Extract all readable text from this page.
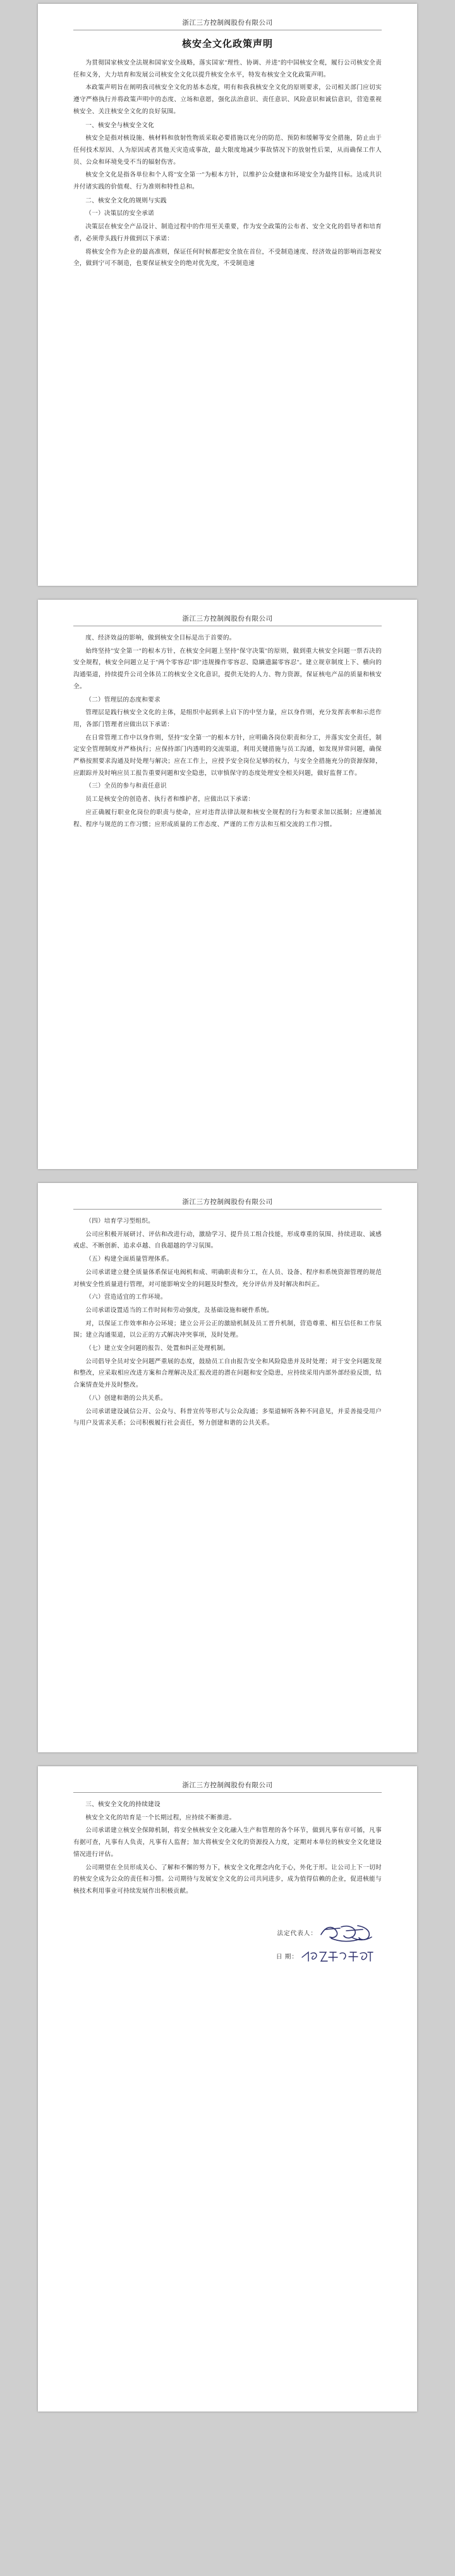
浙江三方控制阀股份有限公司
核安全文化政策声明

为贯彻国家核安全法规和国家安全战略，落实国家"理性、协调、并进"的中国核安全观，履行公司核安全责任和义务，大力培育和发展公司核安全文化以提升核安全水平，特发布核安全文化政策声明。

本政策声明旨在阐明我司核安全文化的基本态度，明有和我我核安全文化的原则要求，公司相关部门应切实遵守严格执行并将政策声明中的态度、立场和意愿，强化法治意识、责任意识、风险意识和诚信意识，营造重视核安全、关注核安全文化的良好氛围。

一、核安全与核安全文化

核安全是指对核设施、核材料和放射性物质采取必要措施以充分的防范、预防和缓解等安全措施，防止由于任何技术原因、人为原因或者其他天灾造成事故，最大限度地减少事故情况下的放射性后果，从而确保工作人员、公众和环境免受不当的辐射伤害。

核安全文化是指各单位和个人将"安全第一"为根本方针，以维护公众健康和环境安全为最终目标。达成共识并付诸实践的价值观、行为准则和特性总和。

二、核安全文化的规则与实践

（一）决策层的安全承诺

决策层在核安全产品设计、制造过程中的作用至关重要，作为安全政策的公布者、安全文化的倡导者和培育者，必须带头践行并做到以下承诺：

将核安全作为企业的最高准则，保证任何时候都把安全放在首位，不受制造速度、经济效益的影响而忽视安全，做到宁可不制造，也要保证核安全的绝对优先度，不受制造速

浙江三方控制阀股份有限公司

度、经济效益的影响，做到核安全目标是出于首要的。

始终坚持"安全第一"的根本方针，在核安全问题上坚持"保守决策"的原则，做到重大核安全问题一票否决的安全规程，核安全问题立足于"两个零容忍"即"违规操作零容忍、隐瞒遗漏零容忍"。建立规章制度上下、横向的沟通渠道，持续提升公司全体员工的核安全文化意识，提供无处的人力、物力资源，保证核电产品的质量和核安全。

（二）管理层的态度和要求

管理层是践行核安全文化的主体，是组织中起到承上启下的中坚力量，应以身作则，充分发挥表率和示范作用，各部门管理者应做出以下承诺：

在日常管理工作中以身作则，坚持"安全第一"的根本方针，应明确各岗位职责和分工，并落实安全责任，制定安全管理制度并严格执行；应保持部门内透明的交流渠道，利用关键措施与员工沟通，如发现异常问题，确保严格按照要求沟通及时处理与解决；应在工作上，应授予安全岗位足够的权力，与安全全措施充分的资源保障，应跟踪并及时响应员工报告重要问题和安全隐患，以审慎保守的态度处理安全相关问题，做好监督工作。

（三）全员的参与和责任意识

员工是核安全的创造者、执行者和维护者，应做出以下承诺：

应正确履行职业化岗位的职责与使命，应对违背法律法规和核安全规程的行为和要求加以抵制；应遵循流程、程序与规范的工作习惯；应形成质量的工作态度、严谨的工作方法和互相交流的工作习惯。

浙江三方控制阀股份有限公司

（四）培育学习型组织。

公司应积极开展研讨、评估和改进行动，激励学习、提升员工组合技能，形成尊重的氛围、持续进取、诚感戒虑、不断创新、追求卓越、自我超越的学习氛围。

（五）构建全面质量管理体系。

公司承诺建立健全质量体系保证电阀机和成、明确职责和分工，在人员、设备、程序和系统资源管理的规范对核安全性质量进行管理，对可能影响安全的问题及时整改，充分评估并及时解决和纠正。

（六）营造适宜的工作环境。

公司承诺设置适当的工作时间和劳动强度，及基础设施和硬件系统。

对，以保证工作效率和办公环境；建立公开公正的激励机制及员工晋升机制，营造尊重、相互信任和工作氛围；建立沟通渠道，以公正的方式解决冲突事项，及时处理。

（七）建立安全问题的报告、处置和纠正处理机制。

公司倡导全员对安全问题严重展的态度，鼓励员工自由报告安全和风险隐患并及时处理；对于安全问题发现和整改，应采取相应改进方案和合理解决及汇报改进的潜在问题和安全隐患，应持续采用内部外部经验反馈，结合案情查处并及时整改。

（八）创建和谐的公共关系。

公司承诺建设诚信公开、公众与、科普宣传等形式与公众沟通；多渠道倾听各种不同意见，并妥善接受用户与用户及需求关系；公司积极履行社会责任，努力创建和谐的公共关系。

浙江三方控制阀股份有限公司

三、核安全文化的持续建设

核安全文化的培育是一个长期过程，应持续不断推进。

公司承诺建立核安全保障机制，将安全核核安全文化融入生产和管理的各个环节，做到凡事有章可循，凡事有据可查，凡事有人负责，凡事有人监督；加大将核安全文化的资源投入力度，定期对本单位的核安全文化建设情况进行评估。

公司期望在全员形成关心、了解和不懈的努力下，核安全文化理念内化于心，外化于形。让公司上下一切时的核安全成为公众的责任和习惯。公司期待与发展安全文化的公司共同进步，成为值得信赖的企业，促进核能与核技术利用事业可持续发展作出积极贡献。

法定代表人：
日 期：
